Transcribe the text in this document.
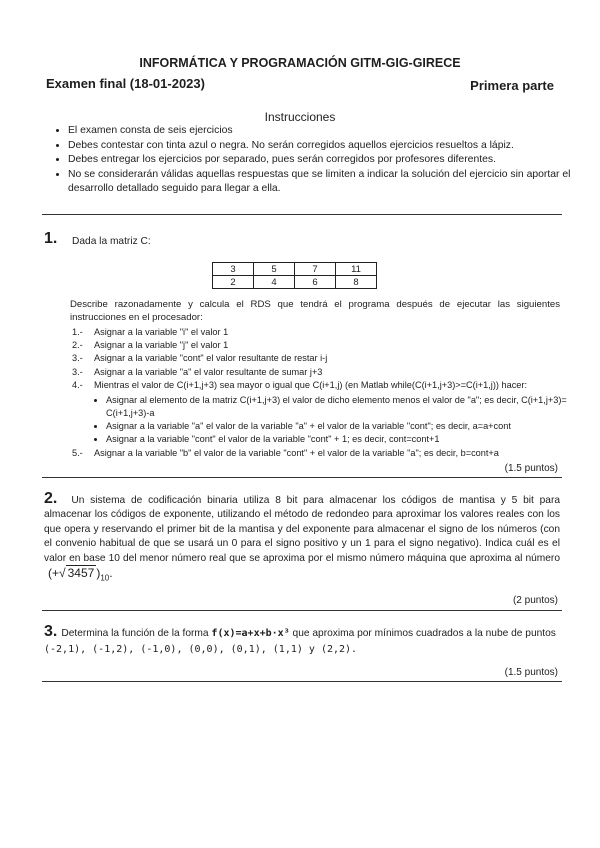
INFORMÁTICA Y PROGRAMACIÓN GITM-GIG-GIRECE
Examen final (18-01-2023)	Primera parte
Instrucciones
• El examen consta de seis ejercicios
• Debes contestar con tinta azul o negra. No serán corregidos aquellos ejercicios resueltos a lápiz.
• Debes entregar los ejercicios por separado, pues serán corregidos por profesores diferentes.
• No se considerarán válidas aquellas respuestas que se limiten a indicar la solución del ejercicio sin aportar el desarrollo detallado seguido para llegar a ella.
1. Dada la matriz C:
3	5	7	11
2	4	6	8
Describe razonadamente y calcula el RDS que tendrá el programa después de ejecutar las siguientes instrucciones en el procesador:
1.- Asignar a la variable "i" el valor 1
2.- Asignar a la variable "j" el valor 1
3.- Asignar a la variable "cont" el valor resultante de restar i-j
3.- Asignar a la variable "a" el valor resultante de sumar j+3
4.- Mientras el valor de C(i+1,j+3) sea mayor o igual que C(i+1,j) (en Matlab while(C(i+1,j+3)>=C(i+1,j)) hacer:
• Asignar al elemento de la matriz C(i+1,j+3) el valor de dicho elemento menos el valor de "a"; es decir, C(i+1,j+3)= C(i+1,j+3)-a
• Asignar a la variable "a" el valor de la variable "a" + el valor de la variable "cont"; es decir, a=a+cont
• Asignar a la variable "cont" el valor de la variable "cont" + 1; es decir, cont=cont+1
5.- Asignar a la variable "b" el valor de la variable "cont" + el valor de la variable "a"; es decir, b=cont+a
(1.5 puntos)
2. Un sistema de codificación binaria utiliza 8 bit para almacenar los códigos de mantisa y 5 bit para almacenar los códigos de exponente, utilizando el método de redondeo para aproximar los valores reales con los que opera y reservando el primer bit de la mantisa y del exponente para almacenar el signo de los números (con el convenio habitual de que se usará un 0 para el signo positivo y un 1 para el signo negativo). Indica cuál es el valor en base 10 del menor número real que se aproxima por el mismo número máquina que aproxima al número (+√ 3457 )$_{10}$.
(2 puntos)
3. Determina la función de la forma f(x)=a+x+b·x³ que aproxima por mínimos cuadrados a la nube de puntos (-2,1), (-1,2), (-1,0), (0,0), (0,1), (1,1) y (2,2).
(1.5 puntos)
